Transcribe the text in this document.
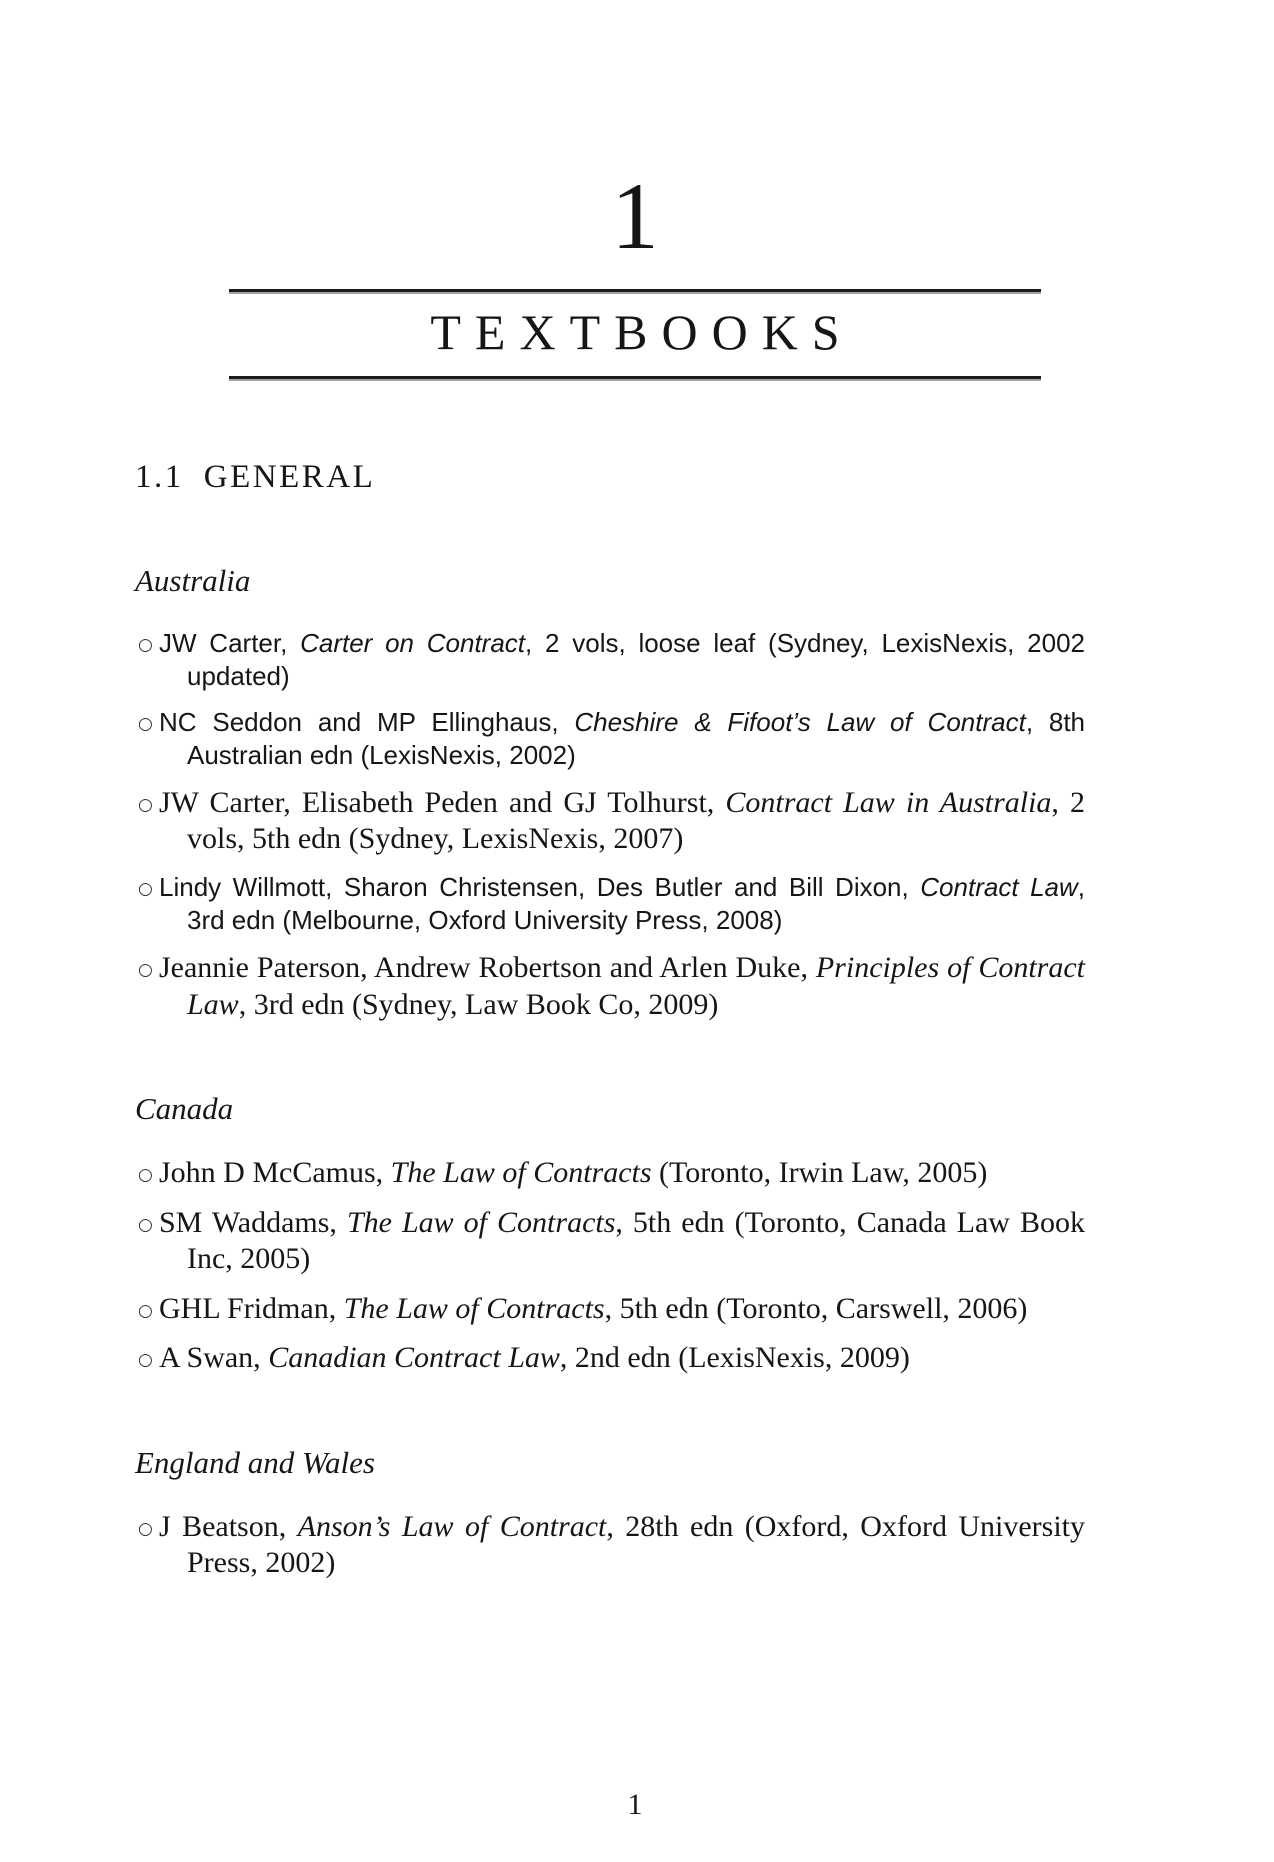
1
TEXTBOOKS
1.1 GENERAL
Australia
○ JW Carter, Carter on Contract, 2 vols, loose leaf (Sydney, LexisNexis, 2002 updated)
○ NC Seddon and MP Ellinghaus, Cheshire & Fifoot’s Law of Contract, 8th Australian edn (LexisNexis, 2002)
○ JW Carter, Elisabeth Peden and GJ Tolhurst, Contract Law in Australia, 2 vols, 5th edn (Sydney, LexisNexis, 2007)
○ Lindy Willmott, Sharon Christensen, Des Butler and Bill Dixon, Contract Law, 3rd edn (Melbourne, Oxford University Press, 2008)
○ Jeannie Paterson, Andrew Robertson and Arlen Duke, Principles of Contract Law, 3rd edn (Sydney, Law Book Co, 2009)
Canada
○ John D McCamus, The Law of Contracts (Toronto, Irwin Law, 2005)
○ SM Waddams, The Law of Contracts, 5th edn (Toronto, Canada Law Book Inc, 2005)
○ GHL Fridman, The Law of Contracts, 5th edn (Toronto, Carswell, 2006)
○ A Swan, Canadian Contract Law, 2nd edn (LexisNexis, 2009)
England and Wales
○ J Beatson, Anson’s Law of Contract, 28th edn (Oxford, Oxford University Press, 2002)
1
